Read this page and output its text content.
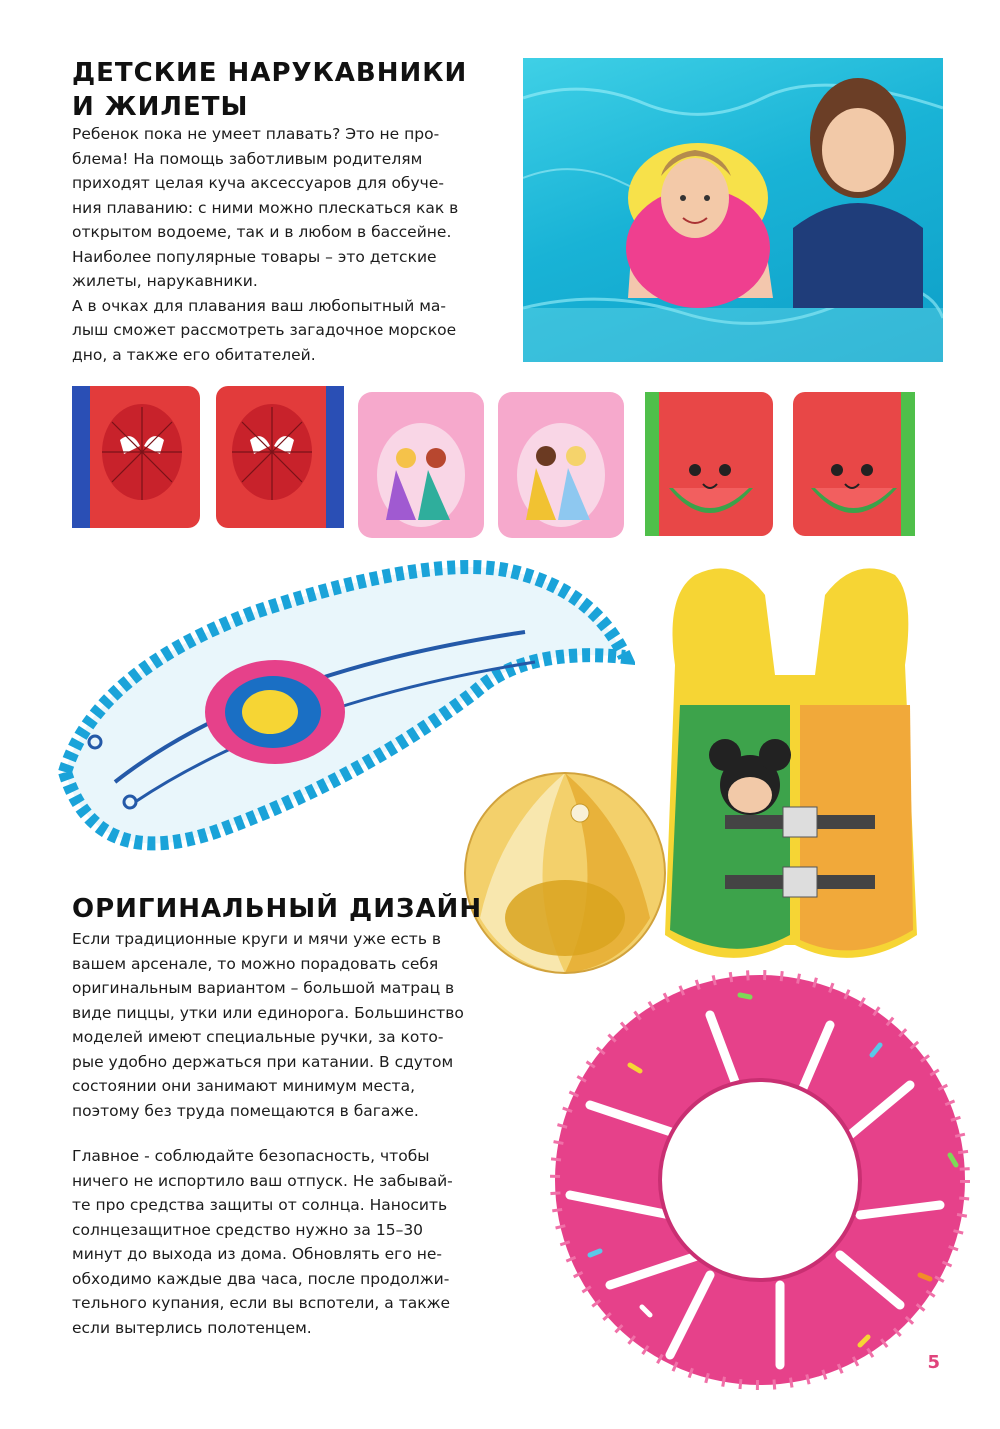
ДЕТСКИЕ НАРУКАВНИКИ
И ЖИЛЕТЫ

Ребенок пока не умеет плавать? Это не про-
блема! На помощь заботливым родителям
приходят целая куча аксессуаров для обуче-
ния плаванию: с ними можно плескаться как в
открытом водоеме, так и в любом в бассейне.
Наиболее популярные товары – это детские
жилеты, нарукавники.
А в очках для плавания ваш любопытный ма-
лыш сможет рассмотреть загадочное морское
дно, а также его обитателей.

ОРИГИНАЛЬНЫЙ ДИЗАЙН

Если традиционные круги и мячи уже есть в
вашем арсенале, то можно порадовать себя
оригинальным вариантом – большой матрац в
виде пиццы, утки или единорога. Большинство
моделей имеют специальные ручки, за кото-
рые удобно держаться при катании. В сдутом
состоянии они занимают минимум места,
поэтому без труда помещаются в багаже.

Главное - соблюдайте безопасность, чтобы
ничего не испортило ваш отпуск. Не забывай-
те про средства защиты от солнца. Наносить
солнцезащитное средство нужно за 15–30
минут до выхода из дома. Обновлять его не-
обходимо каждые два часа, после продолжи-
тельного купания, если вы вспотели, а также
если вытерлись полотенцем.

5
